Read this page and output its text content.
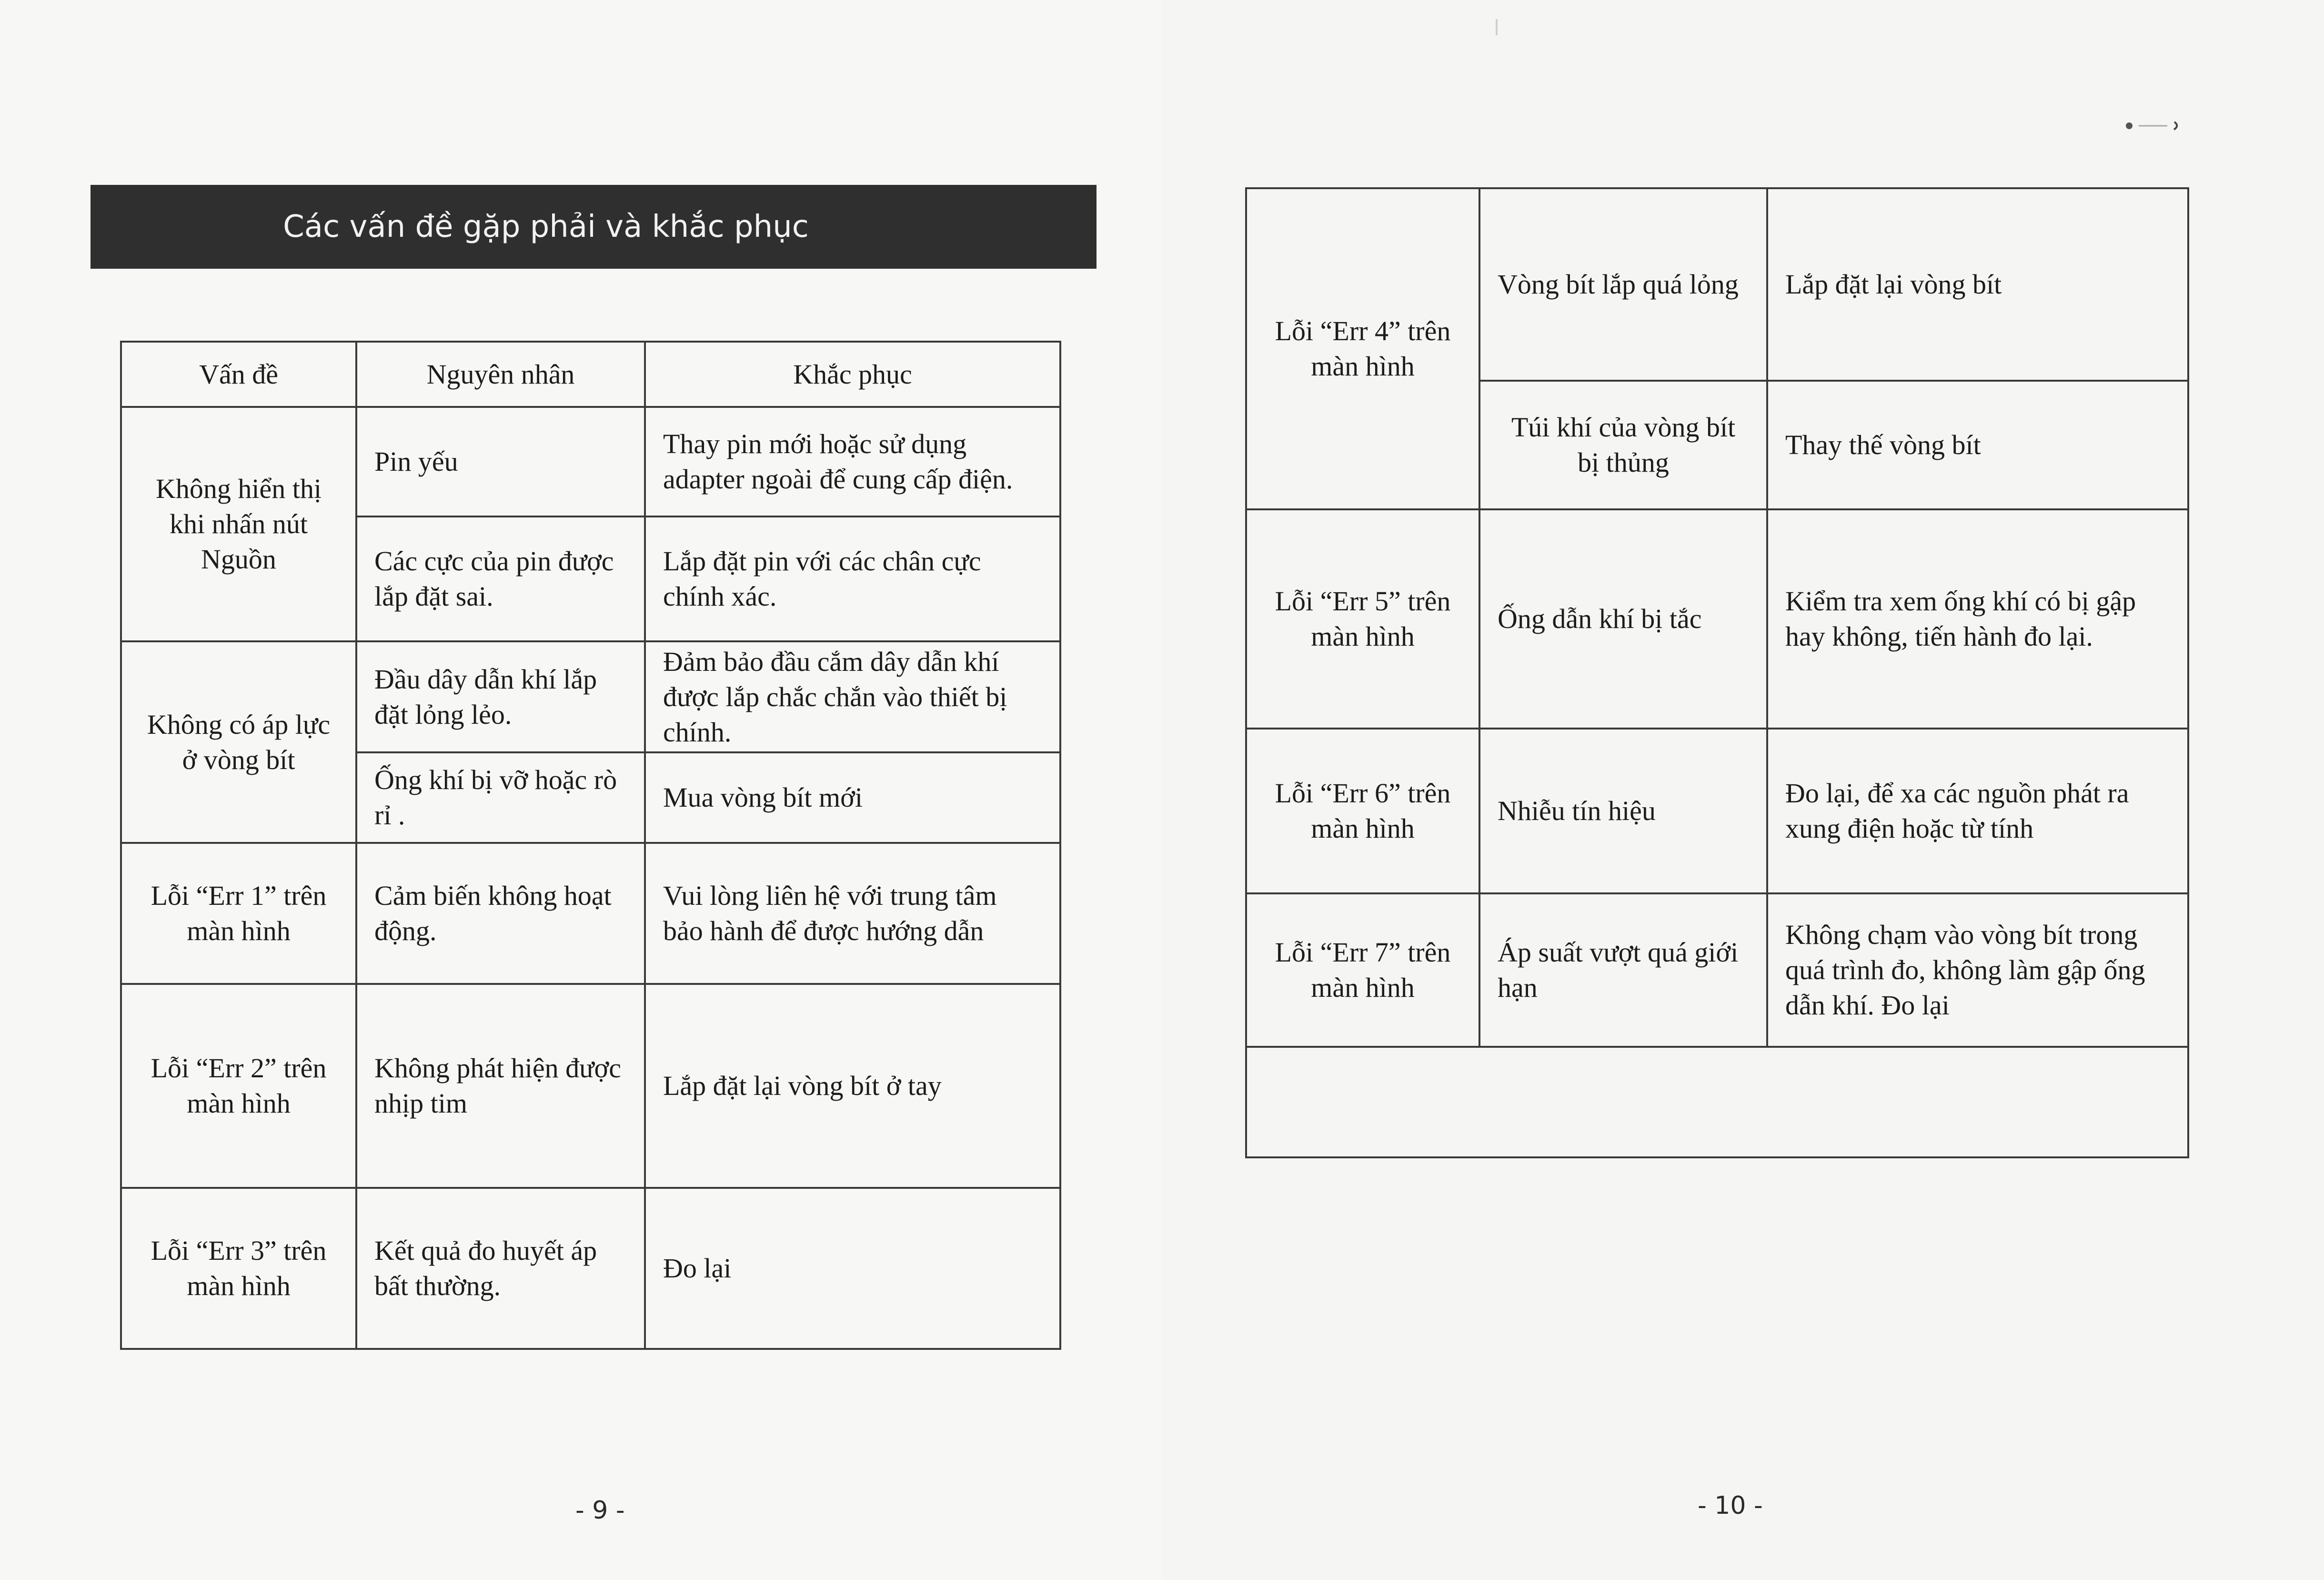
Các vấn đề gặp phải và khắc phục
Vấn đề	Nguyên nhân	Khắc phục
Không hiển thị khi nhấn nút Nguồn	Pin yếu	Thay pin mới hoặc sử dụng adapter ngoài để cung cấp điện.
	Các cực của pin được lắp đặt sai.	Lắp đặt pin với các chân cực chính xác.
Không có áp lực ở vòng bít	Đầu dây dẫn khí lắp đặt lỏng lẻo.	Đảm bảo đầu cắm dây dẫn khí được lắp chắc chắn vào thiết bị chính.
	Ống khí bị vỡ hoặc rò rỉ .	Mua vòng bít mới
Lỗi “Err 1” trên màn hình	Cảm biến không hoạt động.	Vui lòng liên hệ với trung tâm bảo hành để được hướng dẫn
Lỗi “Err 2” trên màn hình	Không phát hiện được nhịp tim	Lắp đặt lại vòng bít ở tay
Lỗi “Err 3” trên màn hình	Kết quả đo huyết áp bất thường.	Đo lại
- 9 -
Lỗi “Err 4” trên màn hình	Vòng bít lắp quá lỏng	Lắp đặt lại vòng bít
	Túi khí của vòng bít bị thủng	Thay thế vòng bít
Lỗi “Err 5” trên màn hình	Ống dẫn khí bị tắc	Kiểm tra xem ống khí có bị gập hay không, tiến hành đo lại.
Lỗi “Err 6” trên màn hình	Nhiễu tín hiệu	Đo lại, để xa các nguồn phát ra xung điện hoặc từ tính
Lỗi “Err 7” trên màn hình	Áp suất vượt quá giới hạn	Không chạm vào vòng bít trong quá trình đo, không làm gập ống dẫn khí. Đo lại

- 10 -
